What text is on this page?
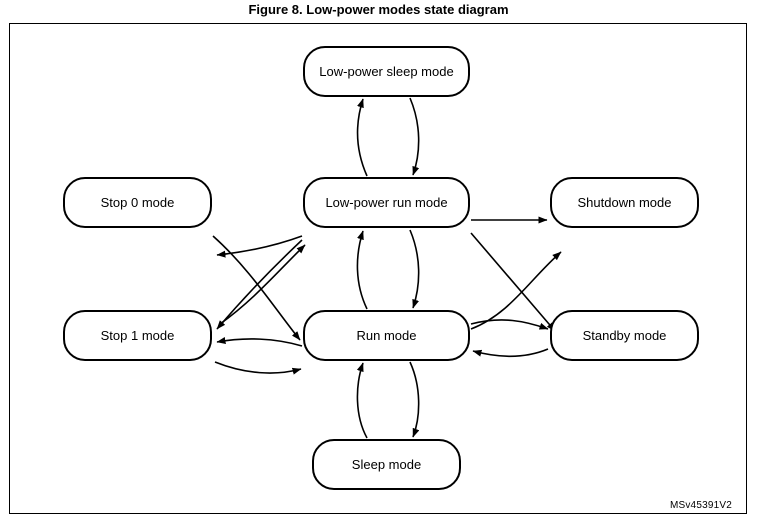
Figure 8. Low-power modes state diagram
Low-power sleep mode
Stop 0 mode	Low-power run mode	Shutdown mode
Stop 1 mode	Run mode	Standby mode
Sleep mode
MSv45391V2
